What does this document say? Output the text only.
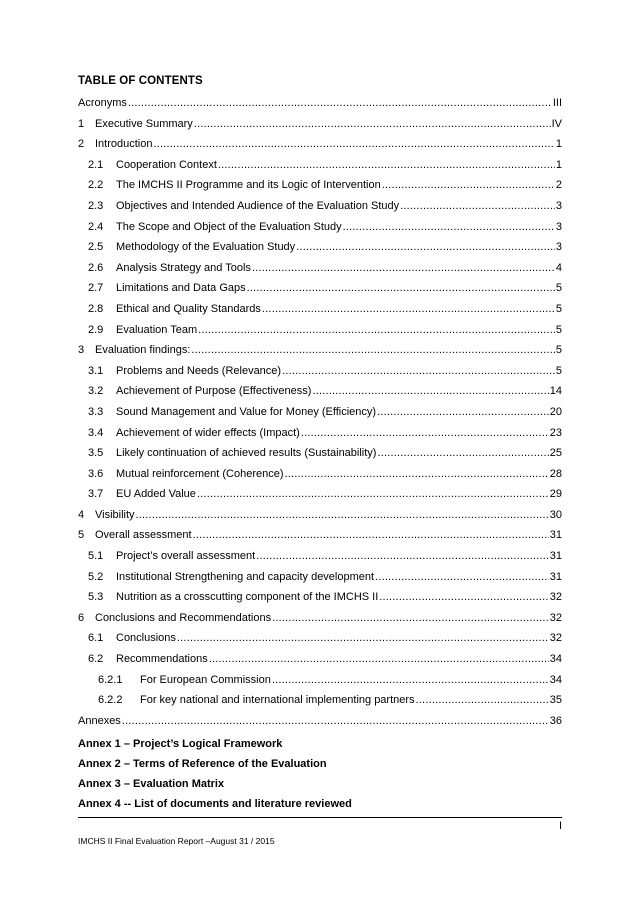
TABLE OF CONTENTS
Acronyms .....	III
1 Executive Summary .....	IV
2 Introduction .....	1
2.1	Cooperation Context .....	1
2.2	The IMCHS II Programme and its Logic of Intervention .....	2
2.3	Objectives and Intended Audience of the Evaluation Study .....	3
2.4	The Scope and Object of the Evaluation Study .....	3
2.5	Methodology of the Evaluation Study .....	3
2.6	Analysis Strategy and Tools .....	4
2.7	Limitations and Data Gaps .....	5
2.8	Ethical and Quality Standards .....	5
2.9	Evaluation Team .....	5
3 Evaluation findings: .....	5
3.1	Problems and Needs (Relevance) .....	5
3.2	Achievement of Purpose (Effectiveness) .....	14
3.3	Sound Management and Value for Money (Efficiency) .....	20
3.4	Achievement of wider effects (Impact) .....	23
3.5	Likely continuation of achieved results (Sustainability) .....	25
3.6	Mutual reinforcement (Coherence) .....	28
3.7	EU Added Value .....	29
4 Visibility .....	30
5 Overall assessment .....	31
5.1	Project’s overall assessment .....	31
5.2	Institutional Strengthening and capacity development .....	31
5.3	Nutrition as a crosscutting component of the IMCHS II .....	32
6 Conclusions and Recommendations .....	32
6.1	Conclusions .....	32
6.2	Recommendations .....	34
6.2.1	For European Commission .....	34
6.2.2	For key national and international implementing partners .....	35
Annexes .....	36
Annex 1 – Project’s Logical Framework
Annex 2 – Terms of Reference of the Evaluation
Annex 3 – Evaluation Matrix
Annex 4 -- List of documents and literature reviewed
I
IMCHS II Final Evaluation Report –August 31 / 2015
